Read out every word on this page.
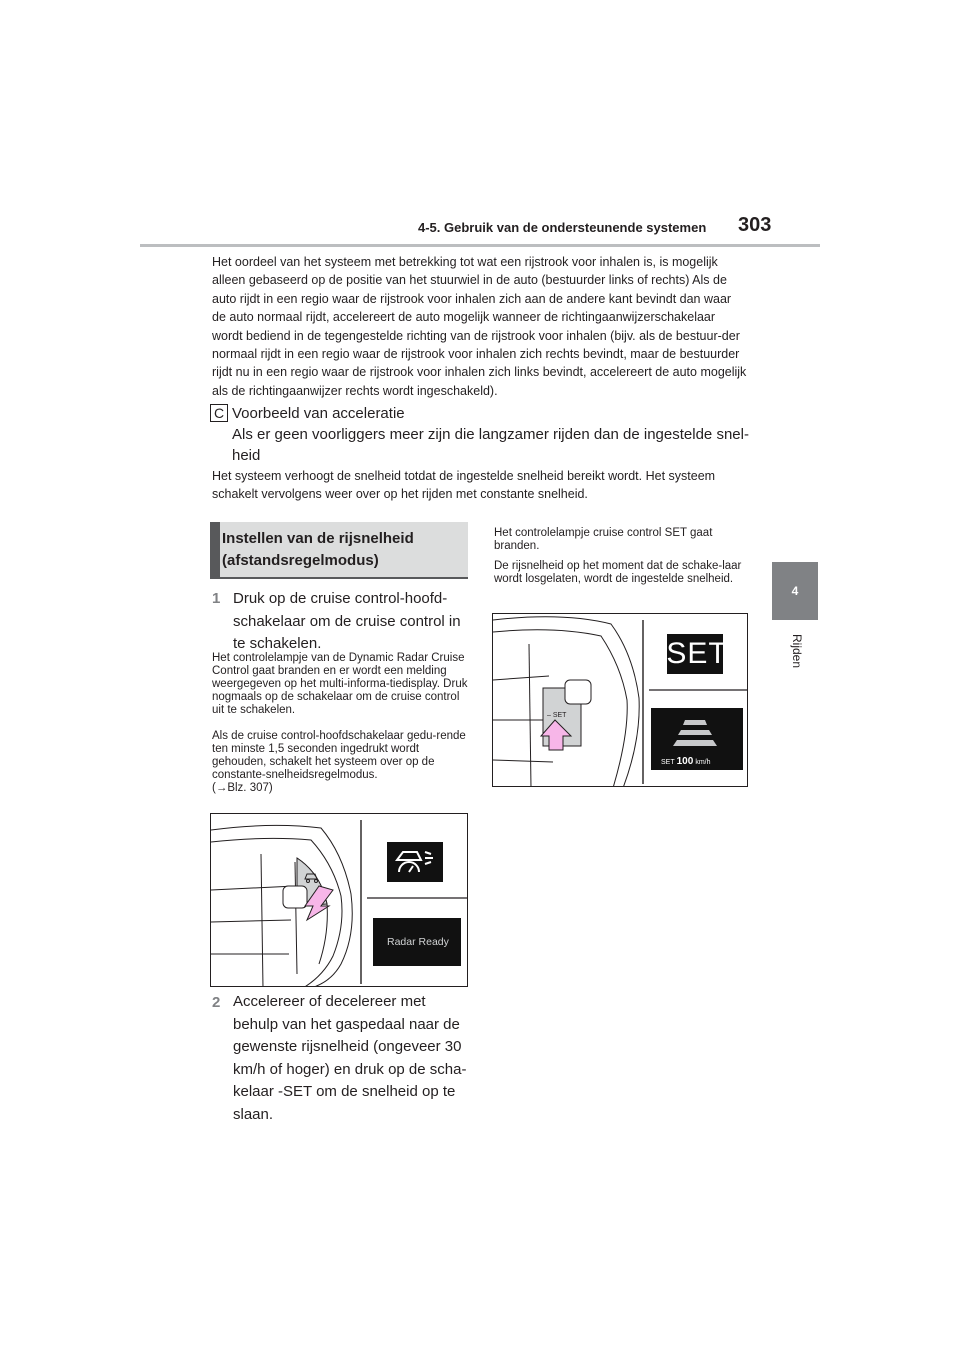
4-5. Gebruik van de ondersteunende systemen 303
4
Rijden
Het oordeel van het systeem met betrekking tot wat een rijstrook voor inhalen is, is mogelijk alleen gebaseerd op de positie van het stuurwiel in de auto (bestuurder links of rechts) Als de auto rijdt in een regio waar de rijstrook voor inhalen zich aan de andere kant bevindt dan waar de auto normaal rijdt, accelereert de auto mogelijk wanneer de richtingaanwijzerschakelaar wordt bediend in de tegengestelde richting van de rijstrook voor inhalen (bijv. als de bestuur-der normaal rijdt in een regio waar de rijstrook voor inhalen zich rechts bevindt, maar de bestuurder rijdt nu in een regio waar de rijstrook voor inhalen zich links bevindt, accelereert de auto mogelijk als de richtingaanwijzer rechts wordt ingeschakeld).
C Voorbeeld van acceleratie
Als er geen voorliggers meer zijn die langzamer rijden dan de ingestelde snel-heid
Het systeem verhoogt de snelheid totdat de ingestelde snelheid bereikt wordt. Het systeem schakelt vervolgens weer over op het rijden met constante snelheid.
Instellen van de rijsnelheid (afstandsregelmodus)
1 Druk op de cruise control-hoofd-schakelaar om de cruise control in te schakelen.
Het controlelampje van de Dynamic Radar Cruise Control gaat branden en er wordt een melding weergegeven op het multi-informa-tiedisplay. Druk nogmaals op de schakelaar om de cruise control uit te schakelen.
Als de cruise control-hoofdschakelaar gedu-rende ten minste 1,5 seconden ingedrukt wordt gehouden, schakelt het systeem over op de constante-snelheidsregelmodus.
(→Blz. 307)
Radar Ready
2 Accelereer of decelereer met behulp van het gaspedaal naar de gewenste rijsnelheid (ongeveer 30 km/h of hoger) en druk op de scha-kelaar -SET om de snelheid op te slaan.
Het controlelampje cruise control SET gaat branden.
De rijsnelheid op het moment dat de schake-laar wordt losgelaten, wordt de ingestelde snelheid.
SET
– SET
SET 100 km/h
